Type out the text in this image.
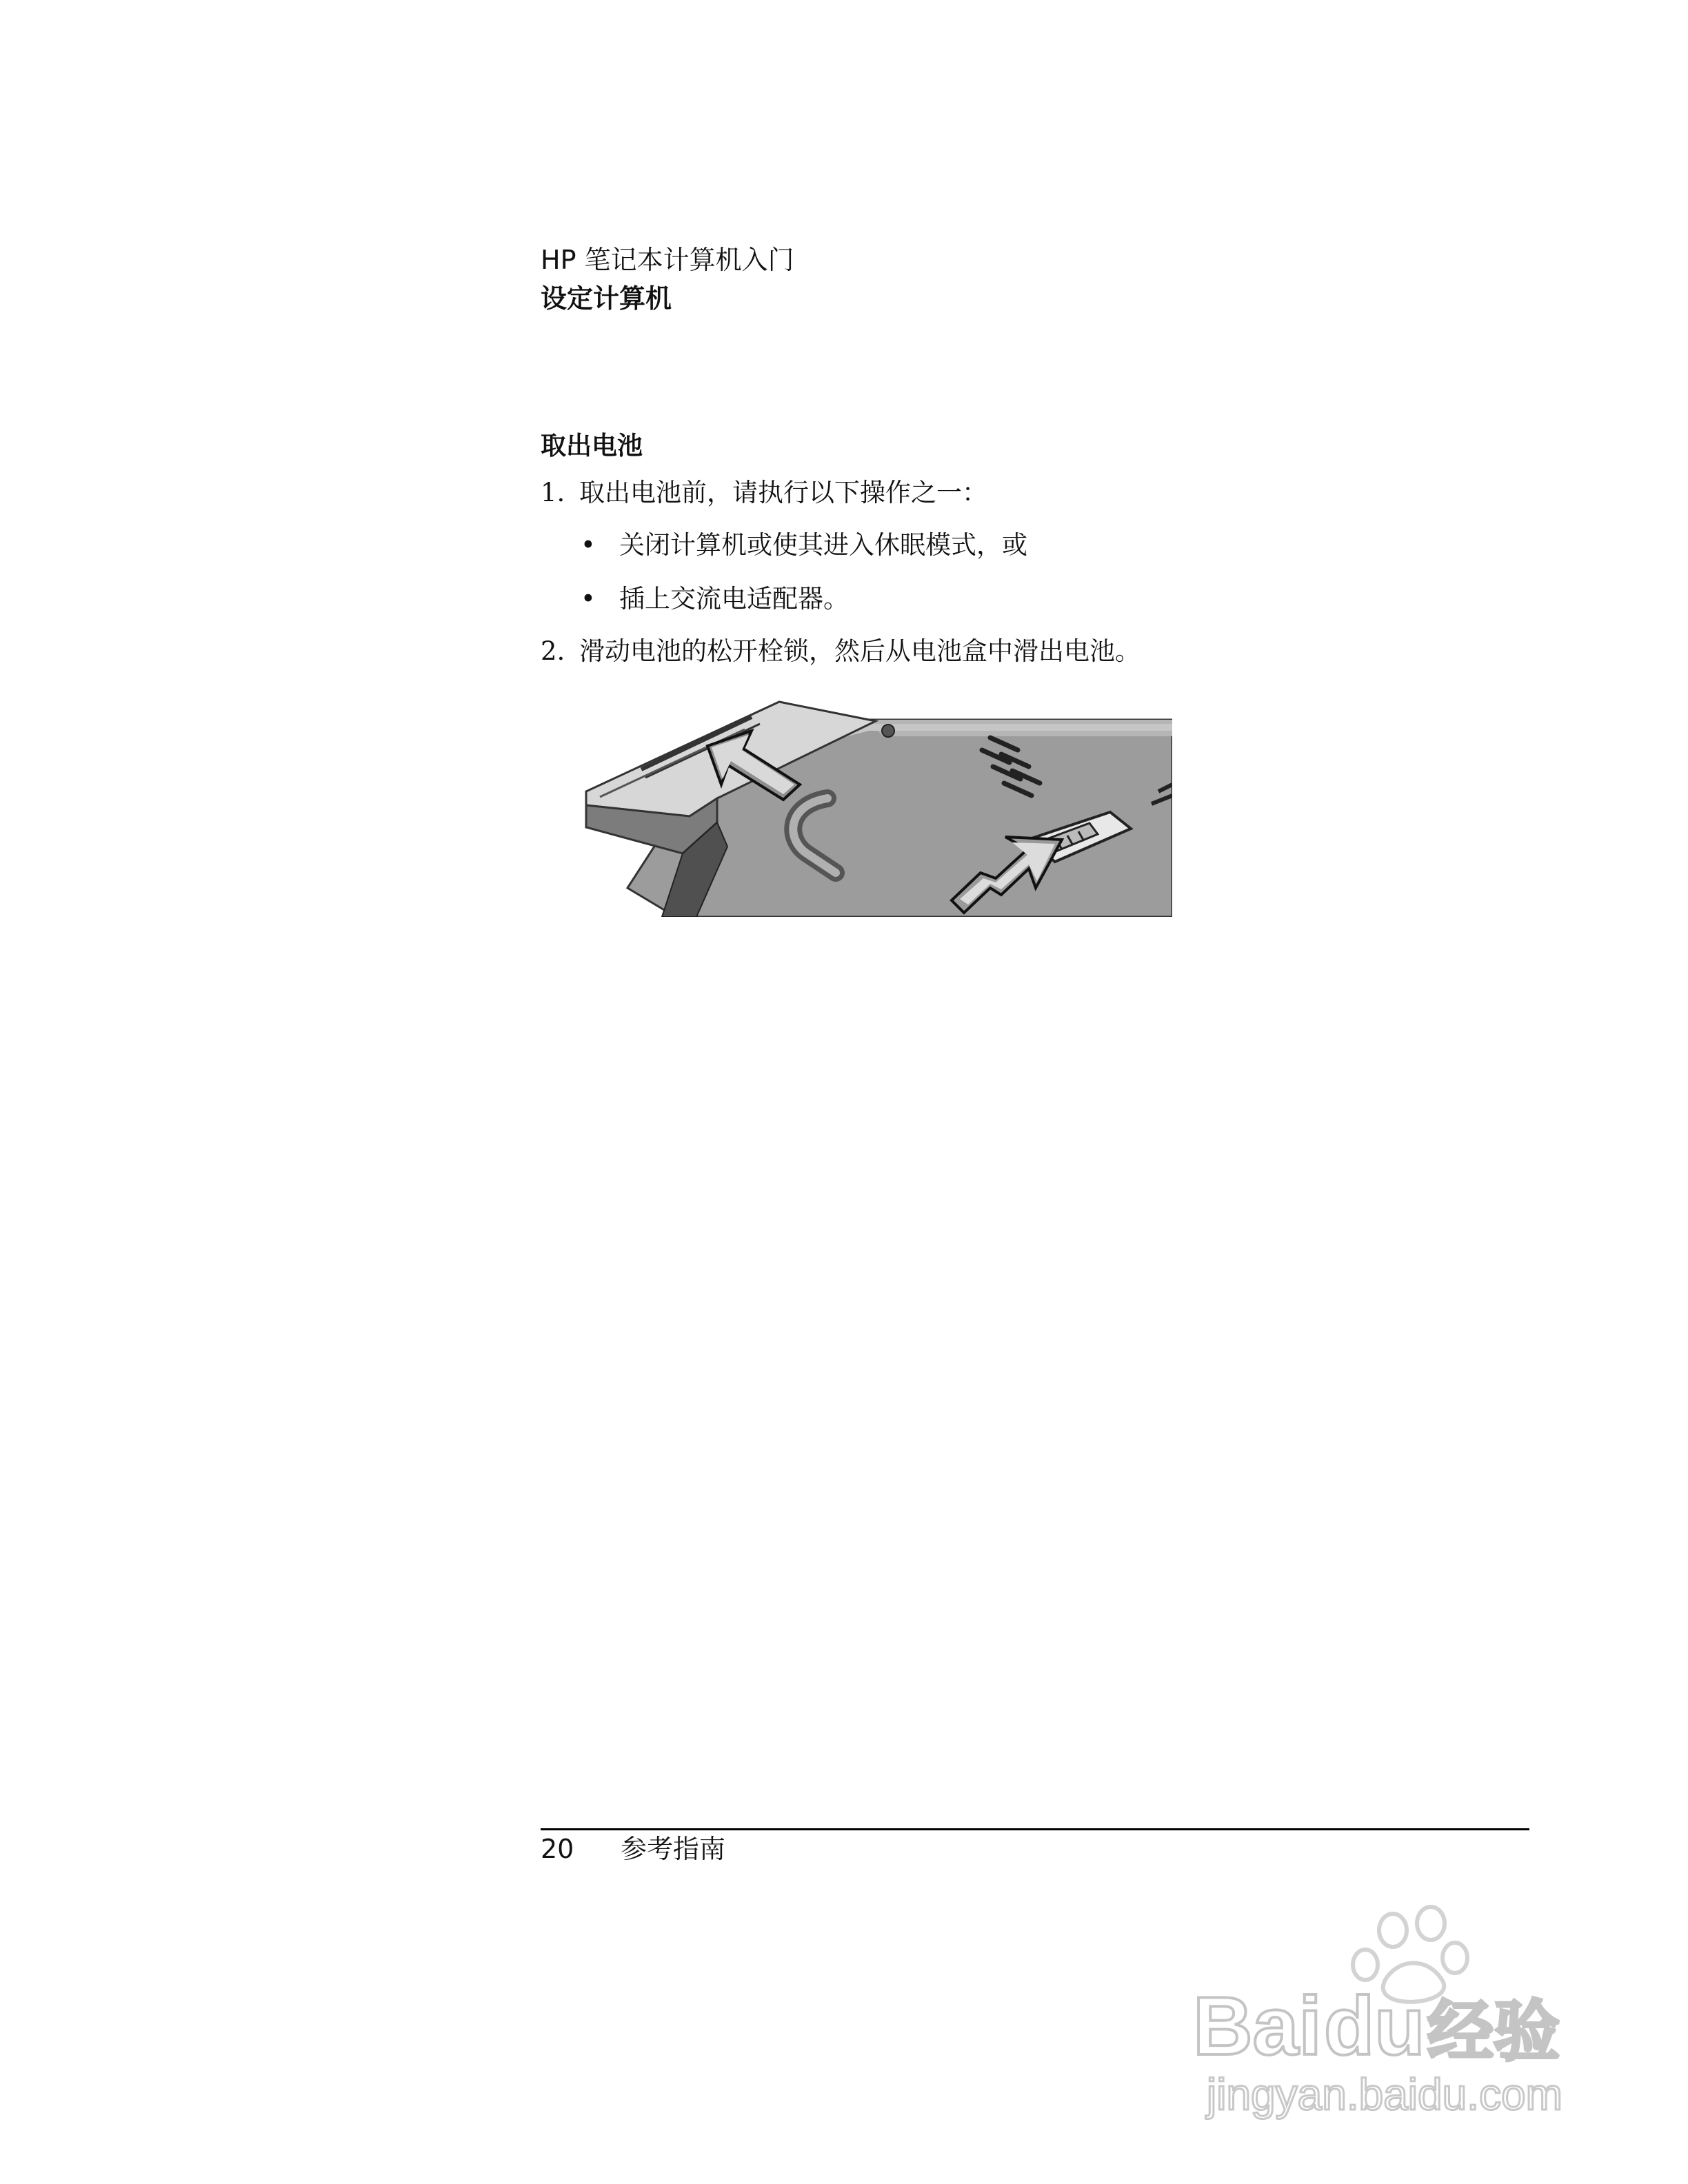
HP 笔记本计算机入门
设定计算机
取出电池
1. 取出电池前，请执行以下操作之一：
• 关闭计算机或使其进入休眠模式，或
• 插上交流电适配器。
2. 滑动电池的松开栓锁，然后从电池盒中滑出电池。
20 参考指南
Bai du 经验
jingyan.baidu.com
